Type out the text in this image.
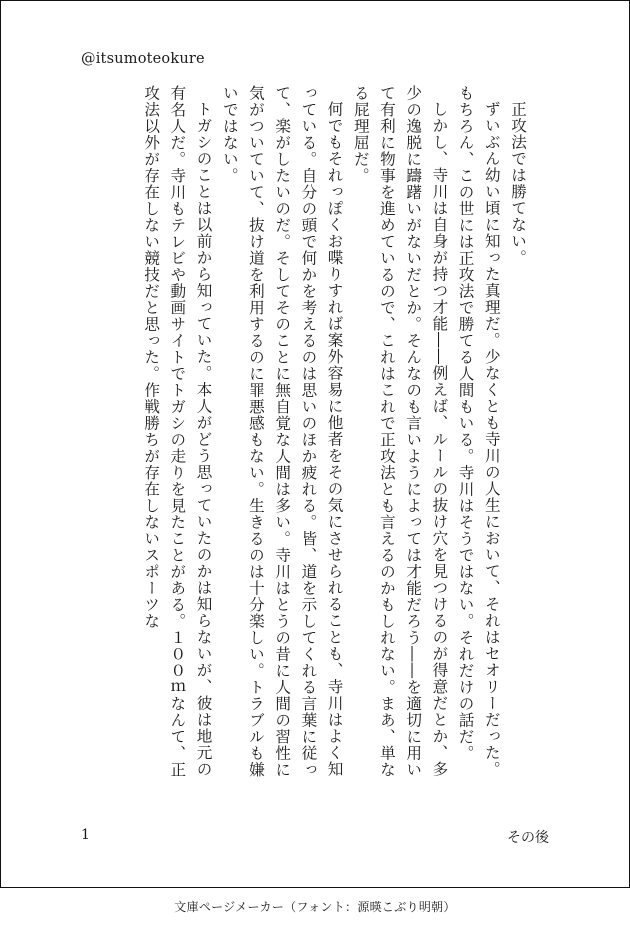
@itsumoteokure

正攻法では勝てない。

ずいぶん幼い頃に知った真理だ。少なくとも寺川の人生において、それはセオリーだった。もちろん、この世には正攻法で勝てる人間もいる。寺川はそうではない。それだけの話だ。

しかし、寺川は自身が持つ才能――例えば、ルールの抜け穴を見つけるのが得意だとか、多少の逸脱に躊躇いがないだとか。そんなのも言いようによっては才能だろう――を適切に用いて有利に物事を進めているので、これはこれで正攻法とも言えるのかもしれない。まあ、単なる屁理屈だ。

何でもそれっぽくお喋りすれば案外容易に他者をその気にさせられることも、寺川はよく知っている。自分の頭で何かを考えるのは思いのほか疲れる。皆、道を示してくれる言葉に従って、楽がしたいのだ。そしてそのことに無自覚な人間は多い。寺川はとうの昔に人間の習性に気がついていて、抜け道を利用するのに罪悪感もない。生きるのは十分楽しい。トラブルも嫌いではない。

トガシのことは以前から知っていた。本人がどう思っていたのかは知らないが、彼は地元の有名人だ。寺川もテレビや動画サイトでトガシの走りを見たことがある。１００ｍなんて、正攻法以外が存在しない競技だと思った。作戦勝ちが存在しないスポーツな

1	その後
文庫ページメーカー（フォント：源暎こぶり明朝）
